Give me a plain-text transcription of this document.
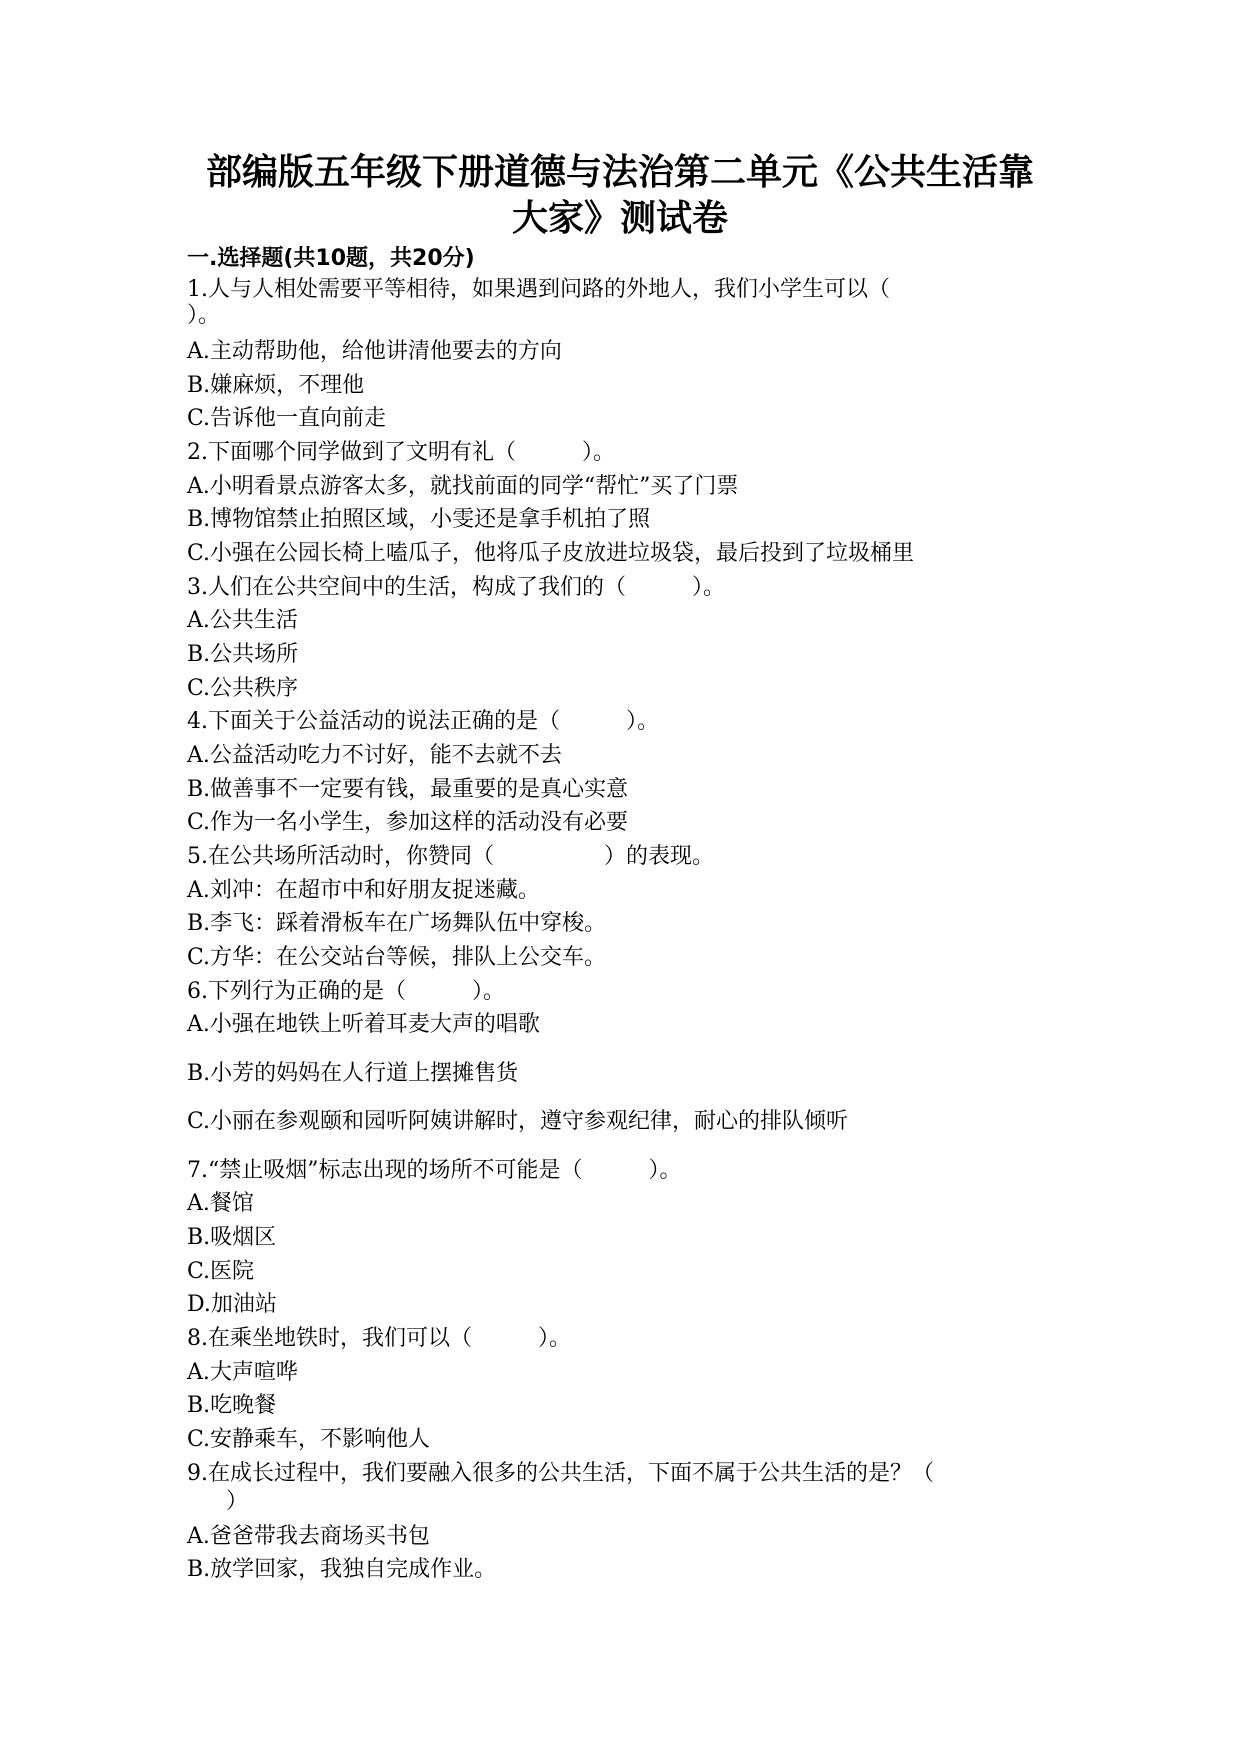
部编版五年级下册道德与法治第二单元《公共生活靠
大家》测试卷
一.选择题(共10题，共20分)
1.人与人相处需要平等相待，如果遇到问路的外地人，我们小学生可以（
）。
A.主动帮助他，给他讲清他要去的方向
B.嫌麻烦，不理他
C.告诉他一直向前走
2.下面哪个同学做到了文明有礼（　　　）。
A.小明看景点游客太多，就找前面的同学“帮忙”买了门票
B.博物馆禁止拍照区域，小雯还是拿手机拍了照
C.小强在公园长椅上嗑瓜子，他将瓜子皮放进垃圾袋，最后投到了垃圾桶里
3.人们在公共空间中的生活，构成了我们的（　　　）。
A.公共生活
B.公共场所
C.公共秩序
4.下面关于公益活动的说法正确的是（　　　）。
A.公益活动吃力不讨好，能不去就不去
B.做善事不一定要有钱，最重要的是真心实意
C.作为一名小学生，参加这样的活动没有必要
5.在公共场所活动时，你赞同（　　　　　）的表现。
A.刘冲：在超市中和好朋友捉迷藏。
B.李飞：踩着滑板车在广场舞队伍中穿梭。
C.方华：在公交站台等候，排队上公交车。
6.下列行为正确的是（　　　）。
A.小强在地铁上听着耳麦大声的唱歌
B.小芳的妈妈在人行道上摆摊售货
C.小丽在参观颐和园听阿姨讲解时，遵守参观纪律，耐心的排队倾听
7.“禁止吸烟”标志出现的场所不可能是（　　　）。
A.餐馆
B.吸烟区
C.医院
D.加油站
8.在乘坐地铁时，我们可以（　　　）。
A.大声喧哗
B.吃晚餐
C.安静乘车，不影响他人
9.在成长过程中，我们要融入很多的公共生活，下面不属于公共生活的是？（
）
A.爸爸带我去商场买书包
B.放学回家，我独自完成作业。
